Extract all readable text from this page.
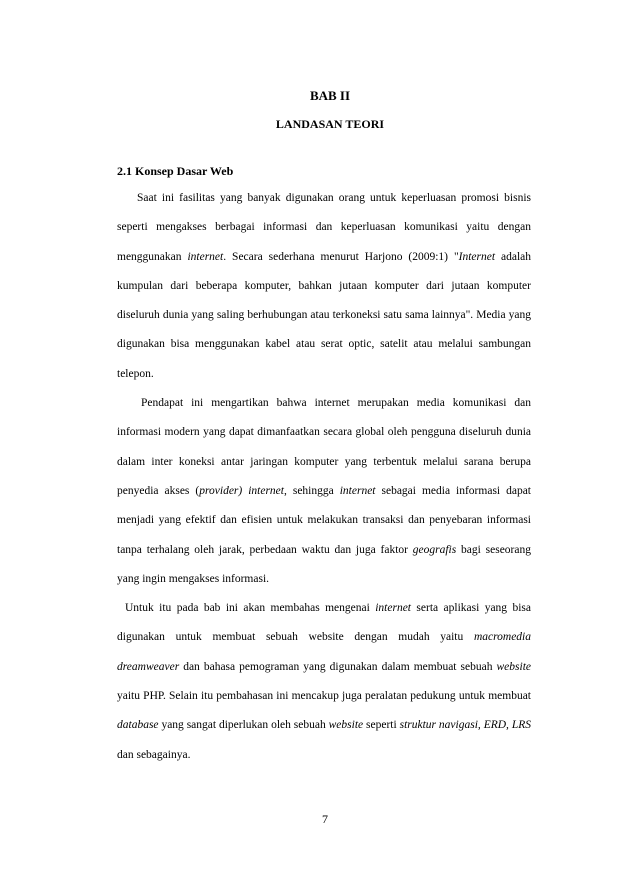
BAB II
LANDASAN TEORI
2.1 Konsep Dasar Web

Saat ini fasilitas yang banyak digunakan orang untuk keperluasan promosi bisnis seperti mengakses berbagai informasi dan keperluasan komunikasi yaitu dengan menggunakan internet. Secara sederhana menurut Harjono (2009:1) "Internet adalah kumpulan dari beberapa komputer, bahkan jutaan komputer dari jutaan komputer diseluruh dunia yang saling berhubungan atau terkoneksi satu sama lainnya". Media yang digunakan bisa menggunakan kabel atau serat optic, satelit atau melalui sambungan telepon.

Pendapat ini mengartikan bahwa internet merupakan media komunikasi dan informasi modern yang dapat dimanfaatkan secara global oleh pengguna diseluruh dunia dalam inter koneksi antar jaringan komputer yang terbentuk melalui sarana berupa penyedia akses (provider) internet, sehingga internet sebagai media informasi dapat menjadi yang efektif dan efisien untuk melakukan transaksi dan penyebaran informasi tanpa terhalang oleh jarak, perbedaan waktu dan juga faktor geografis bagi seseorang yang ingin mengakses informasi.

Untuk itu pada bab ini akan membahas mengenai internet serta aplikasi yang bisa digunakan untuk membuat sebuah website dengan mudah yaitu macromedia dreamweaver dan bahasa pemograman yang digunakan dalam membuat sebuah website yaitu PHP. Selain itu pembahasan ini mencakup juga peralatan pedukung untuk membuat database yang sangat diperlukan oleh sebuah website seperti struktur navigasi, ERD, LRS dan sebagainya.

7
